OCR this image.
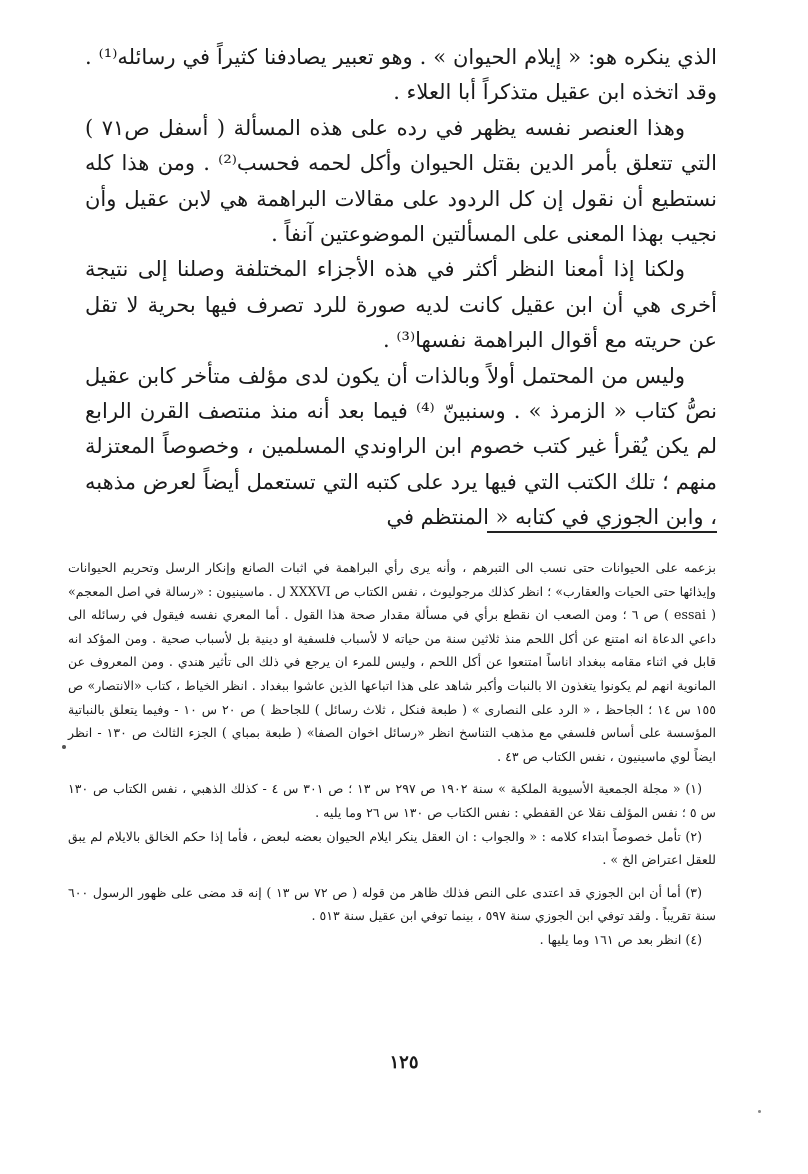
الذي ينكره هو: « إيلام الحيوان » . وهو تعبير يصادفنا كثيراً في رسائله⁽¹⁾ . وقد اتخذه ابن عقيل متذكراً أبا العلاء .

وهذا العنصر نفسه يظهر في رده على هذه المسألة ( أسفل ص٧١ ) التي تتعلق بأمر الدين بقتل الحيوان وأكل لحمه فحسب⁽²⁾ . ومن هذا كله نستطيع أن نقول إن كل الردود على مقالات البراهمة هي لابن عقيل وأن نجيب بهذا المعنى على المسألتين الموضوعتين آنفاً .

ولكنا إذا أمعنا النظر أكثر في هذه الأجزاء المختلفة وصلنا إلى نتيجة أخرى هي أن ابن عقيل كانت لديه صورة للرد تصرف فيها بحرية لا تقل عن حريته مع أقوال البراهمة نفسها⁽³⁾ .

وليس من المحتمل أولاً وبالذات أن يكون لدى مؤلف متأخر كابن عقيل نصُّ كتاب « الزمرذ » . وسنبينّ ⁽⁴⁾ فيما بعد أنه منذ منتصف القرن الرابع لم يكن يُقرأ غير كتب خصوم ابن الراوندي المسلمين ، وخصوصاً المعتزلة منهم ؛ تلك الكتب التي فيها يرد على كتبه التي تستعمل أيضاً لعرض مذهبه ، وابن الجوزي في كتابه « المنتظم في

بزعمه على الحيوانات حتى نسب الى التبرهم ، وأنه يرى رأي البراهمة في اثبات الصانع وإنكار الرسل وتحريم الحيوانات وإيذائها حتى الحيات والعقارب» ؛ انظر كذلك مرجوليوث ، نفس الكتاب ص XXXVI ل . ماسينيون : «رسالة في اصل المعجم» ( essai ) ص ٦ ؛ ومن الصعب ان نقطع برأي في مسألة مقدار صحة هذا القول . أما المعري نفسه فيقول في رسائله الى داعي الدعاة انه امتنع عن أكل اللحم منذ ثلاثين سنة من حياته لا لأسباب فلسفية او دينية بل لأسباب صحية . ومن المؤكد انه قابل في اثناء مقامه ببغداد اناساً امتنعوا عن أكل اللحم ، وليس للمرء ان يرجع في ذلك الى تأثير هندي . ومن المعروف عن المانوية انهم لم يكونوا يتغذون الا بالنبات وأكبر شاهد على هذا اتباعها الذين عاشوا ببغداد . انظر الخياط ، كتاب «الانتصار» ص ١٥٥ س ١٤ ؛ الجاحظ ، « الرد على النصارى » ( طبعة فنكل ، ثلاث رسائل ) للجاحظ ) ص ٢٠ س ١٠ - وفيما يتعلق بالنباتية المؤسسة على أساس فلسفي مع مذهب التناسخ انظر «رسائل اخوان الصفا» ( طبعة بمباي ) الجزء الثالث ص ١٣٠ - انظر ايضاً لوي ماسينيون ، نفس الكتاب ص ٤٣ .

(١) « مجلة الجمعية الأسيوية الملكية » سنة ١٩٠٢ ص ٢٩٧ س ١٣ ؛ ص ٣٠١ س ٤ - كذلك الذهبي ، نفس الكتاب ص ١٣٠ س ٥ ؛ نفس المؤلف نقلا عن القفطي : نفس الكتاب ص ١٣٠ س ٢٦ وما يليه .

(٢) تأمل خصوصاً ابتداء كلامه : « والجواب : ان العقل ينكر ايلام الحيوان بعضه لبعض ، فأما إذا حكم الخالق بالايلام لم يبق للعقل اعتراض الخ » .

(٣) أما أن ابن الجوزي قد اعتدى على النص فذلك ظاهر من قوله ( ص ٧٢ س ١٣ ) إنه قد مضى على ظهور الرسول ٦٠٠ سنة تقريباً . ولقد توفي ابن الجوزي سنة ٥٩٧ ، بينما توفي ابن عقيل سنة ٥١٣ .

(٤) انظر بعد ص ١٦١ وما يليها .

١٢٥
